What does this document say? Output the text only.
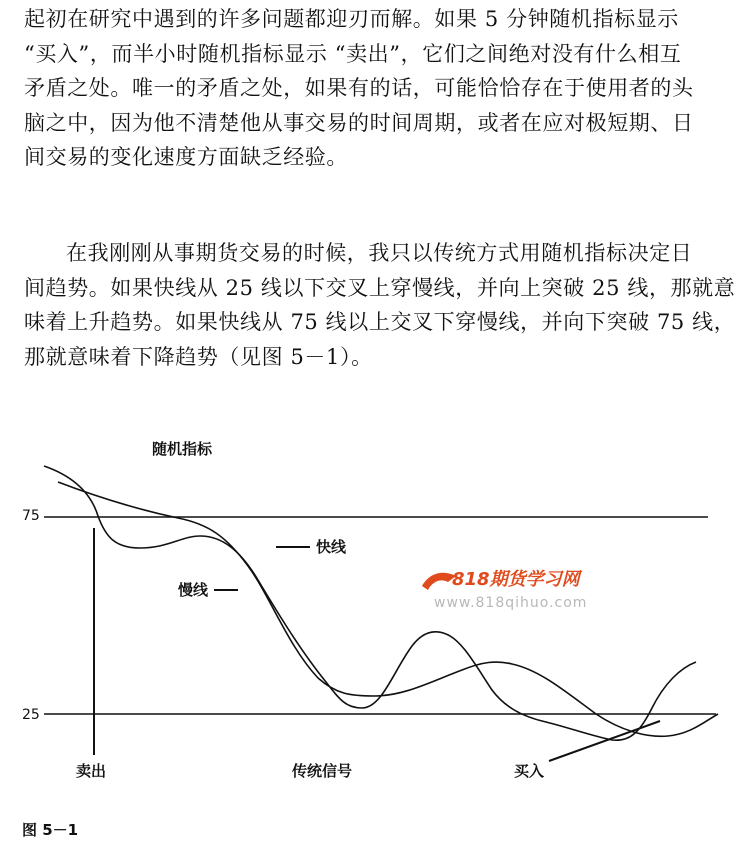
起初在研究中遇到的许多问题都迎刃而解。如果 5 分钟随机指标显示
“买入”，而半小时随机指标显示 “卖出”，它们之间绝对没有什么相互
矛盾之处。唯一的矛盾之处，如果有的话，可能恰恰存在于使用者的头
脑之中，因为他不清楚他从事交易的时间周期，或者在应对极短期、日
间交易的变化速度方面缺乏经验。
在我刚刚从事期货交易的时候，我只以传统方式用随机指标决定日
间趋势。如果快线从 25 线以下交叉上穿慢线，并向上突破 25 线，那就意
味着上升趋势。如果快线从 75 线以上交叉下穿慢线，并向下突破 75 线，
那就意味着下降趋势（见图 5－1）。
随机指标
75
25
快线
慢线
卖出	传统信号	买入
818期货学习网
www.818qihuo.com
图 5－1
